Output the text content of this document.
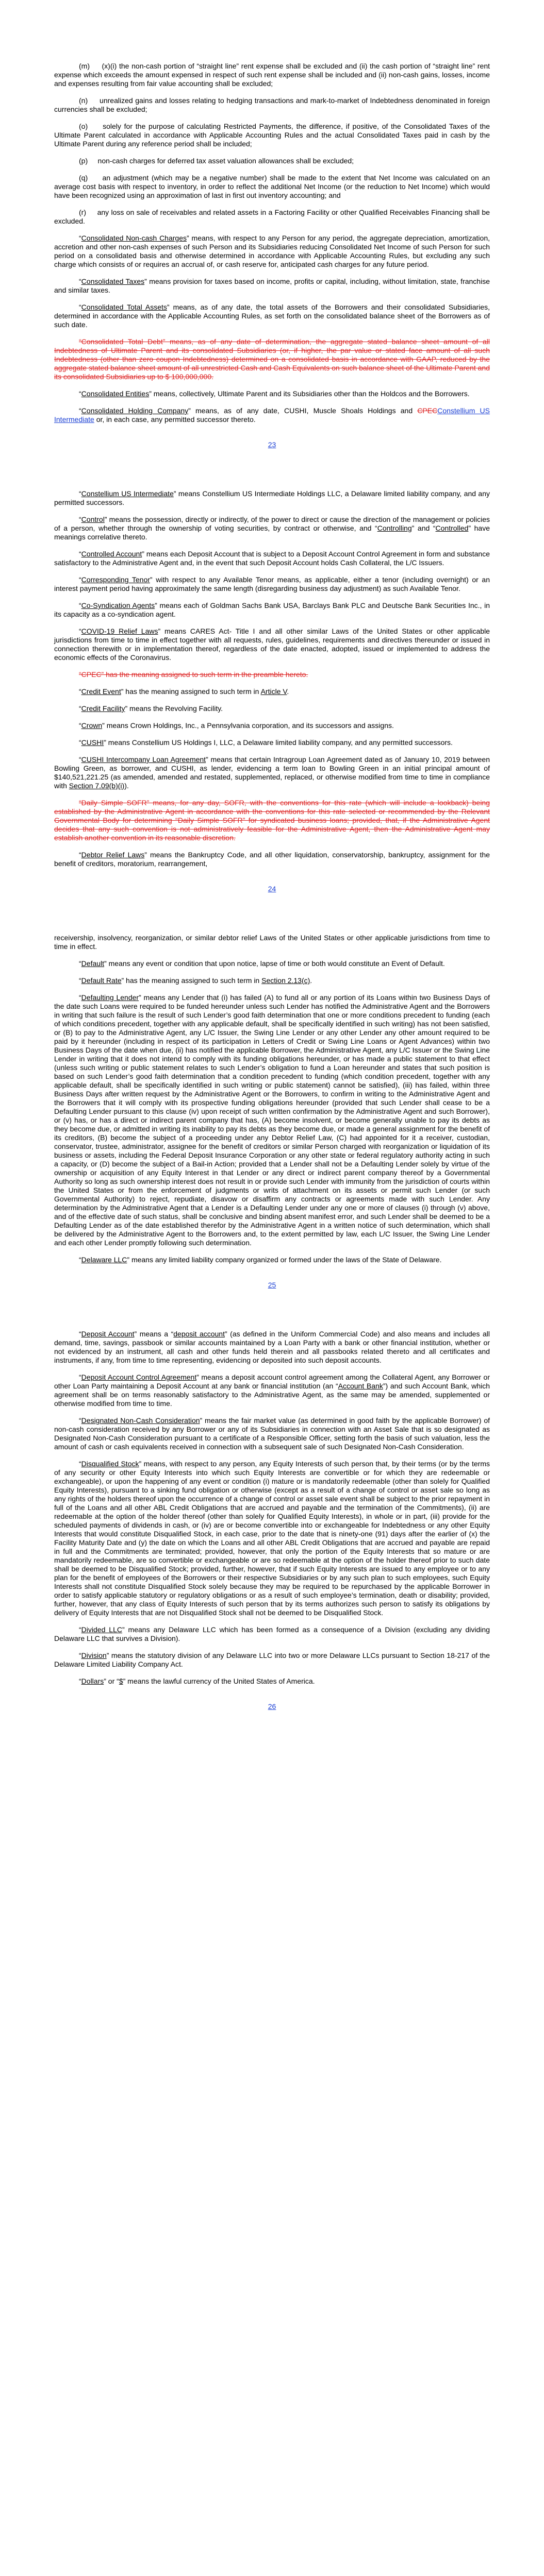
(m)     (x)(i) the non-cash portion of “straight line” rent expense shall be excluded and (ii) the cash portion of “straight line” rent expense which exceeds the amount expensed in respect of such rent expense shall be included and (ii) non-cash gains, losses, income and expenses resulting from fair value accounting shall be excluded;

(n)     unrealized gains and losses relating to hedging transactions and mark-to-market of Indebtedness denominated in foreign currencies shall be excluded;

(o)     solely for the purpose of calculating Restricted Payments, the difference, if positive, of the Consolidated Taxes of the Ultimate Parent calculated in accordance with Applicable Accounting Rules and the actual Consolidated Taxes paid in cash by the Ultimate Parent during any reference period shall be included;

(p)     non-cash charges for deferred tax asset valuation allowances shall be excluded;

(q)     an adjustment (which may be a negative number) shall be made to the extent that Net Income was calculated on an average cost basis with respect to inventory, in order to reflect the additional Net Income (or the reduction to Net Income) which would have been recognized using an approximation of last in first out inventory accounting; and

(r)     any loss on sale of receivables and related assets in a Factoring Facility or other Qualified Receivables Financing shall be excluded.

“Consolidated Non-cash Charges” means, with respect to any Person for any period, the aggregate depreciation, amortization, accretion and other non-cash expenses of such Person and its Subsidiaries reducing Consolidated Net Income of such Person for such period on a consolidated basis and otherwise determined in accordance with Applicable Accounting Rules, but excluding any such charge which consists of or requires an accrual of, or cash reserve for, anticipated cash charges for any future period.

“Consolidated Taxes” means provision for taxes based on income, profits or capital, including, without limitation, state, franchise and similar taxes.

“Consolidated Total Assets” means, as of any date, the total assets of the Borrowers and their consolidated Subsidiaries, determined in accordance with the Applicable Accounting Rules, as set forth on the consolidated balance sheet of the Borrowers as of such date.

“Consolidated Total Debt” means, as of any date of determination, the aggregate stated balance sheet amount of all Indebtedness of Ultimate Parent and its consolidated Subsidiaries (or, if higher, the par value or stated face amount of all such Indebtedness (other than zero coupon Indebtedness) determined on a consolidated basis in accordance with GAAP, reduced by the aggregate stated balance sheet amount of all unrestricted Cash and Cash Equivalents on such balance sheet of the Ultimate Parent and its consolidated Subsidiaries up to $ 100,000,000.

“Consolidated Entities” means, collectively, Ultimate Parent and its Subsidiaries other than the Holdcos and the Borrowers.

“Consolidated Holding Company” means, as of any date, CUSHI, Muscle Shoals Holdings and CPECConstellium US Intermediate or, in each case, any permitted successor thereto.

23

“Constellium US Intermediate” means Constellium US Intermediate Holdings LLC, a Delaware limited liability company, and any permitted successors.

“Control” means the possession, directly or indirectly, of the power to direct or cause the direction of the management or policies of a person, whether through the ownership of voting securities, by contract or otherwise, and “Controlling” and “Controlled” have meanings correlative thereto.

“Controlled Account” means each Deposit Account that is subject to a Deposit Account Control Agreement in form and substance satisfactory to the Administrative Agent and, in the event that such Deposit Account holds Cash Collateral, the L/C Issuers.

“Corresponding Tenor” with respect to any Available Tenor means, as applicable, either a tenor (including overnight) or an interest payment period having approximately the same length (disregarding business day adjustment) as such Available Tenor.

“Co-Syndication Agents” means each of Goldman Sachs Bank USA, Barclays Bank PLC and Deutsche Bank Securities Inc., in its capacity as a co-syndication agent.

“COVID-19 Relief Laws” means CARES Act- Title I and all other similar Laws of the United States or other applicable jurisdictions from time to time in effect together with all requests, rules, guidelines, requirements and directives thereunder or issued in connection therewith or in implementation thereof, regardless of the date enacted, adopted, issued or implemented to address the economic effects of the Coronavirus.

“CPEC” has the meaning assigned to such term in the preamble hereto.

“Credit Event” has the meaning assigned to such term in Article V.

“Credit Facility” means the Revolving Facility.

“Crown” means Crown Holdings, Inc., a Pennsylvania corporation, and its successors and assigns.

“CUSHI” means Constellium US Holdings I, LLC, a Delaware limited liability company, and any permitted successors.

“CUSHI Intercompany Loan Agreement” means that certain Intragroup Loan Agreement dated as of January 10, 2019 between Bowling Green, as borrower, and CUSHI, as lender, evidencing a term loan to Bowling Green in an initial principal amount of $140,521,221.25 (as amended, amended and restated, supplemented, replaced, or otherwise modified from time to time in compliance with Section 7.09(b)(i)).

“Daily Simple SOFR” means, for any day, SOFR, with the conventions for this rate (which will include a lookback) being established by the Administrative Agent in accordance with the conventions for this rate selected or recommended by the Relevant Governmental Body for determining “Daily Simple SOFR” for syndicated business loans; provided, that, if the Administrative Agent decides that any such convention is not administratively feasible for the Administrative Agent, then the Administrative Agent may establish another convention in its reasonable discretion.

“Debtor Relief Laws” means the Bankruptcy Code, and all other liquidation, conservatorship, bankruptcy, assignment for the benefit of creditors, moratorium, rearrangement,

24

receivership, insolvency, reorganization, or similar debtor relief Laws of the United States or other applicable jurisdictions from time to time in effect.

“Default” means any event or condition that upon notice, lapse of time or both would constitute an Event of Default.

“Default Rate” has the meaning assigned to such term in Section 2.13(c).

“Defaulting Lender” means any Lender that (i) has failed (A) to fund all or any portion of its Loans within two Business Days of the date such Loans were required to be funded hereunder unless such Lender has notified the Administrative Agent and the Borrowers in writing that such failure is the result of such Lender’s good faith determination that one or more conditions precedent to funding (each of which conditions precedent, together with any applicable default, shall be specifically identified in such writing) has not been satisfied, or (B) to pay to the Administrative Agent, any L/C Issuer, the Swing Line Lender or any other Lender any other amount required to be paid by it hereunder (including in respect of its participation in Letters of Credit or Swing Line Loans or Agent Advances) within two Business Days of the date when due, (ii) has notified the applicable Borrower, the Administrative Agent, any L/C Issuer or the Swing Line Lender in writing that it does not intend to comply with its funding obligations hereunder, or has made a public statement to that effect (unless such writing or public statement relates to such Lender’s obligation to fund a Loan hereunder and states that such position is based on such Lender’s good faith determination that a condition precedent to funding (which condition precedent, together with any applicable default, shall be specifically identified in such writing or public statement) cannot be satisfied), (iii) has failed, within three Business Days after written request by the Administrative Agent or the Borrowers, to confirm in writing to the Administrative Agent and the Borrowers that it will comply with its prospective funding obligations hereunder (provided that such Lender shall cease to be a Defaulting Lender pursuant to this clause (iv) upon receipt of such written confirmation by the Administrative Agent and such Borrower), or (v) has, or has a direct or indirect parent company that has, (A) become insolvent, or become generally unable to pay its debts as they become due, or admitted in writing its inability to pay its debts as they become due, or made a general assignment for the benefit of its creditors, (B) become the subject of a proceeding under any Debtor Relief Law, (C) had appointed for it a receiver, custodian, conservator, trustee, administrator, assignee for the benefit of creditors or similar Person charged with reorganization or liquidation of its business or assets, including the Federal Deposit Insurance Corporation or any other state or federal regulatory authority acting in such a capacity, or (D) become the subject of a Bail-in Action; provided that a Lender shall not be a Defaulting Lender solely by virtue of the ownership or acquisition of any Equity Interest in that Lender or any direct or indirect parent company thereof by a Governmental Authority so long as such ownership interest does not result in or provide such Lender with immunity from the jurisdiction of courts within the United States or from the enforcement of judgments or writs of attachment on its assets or permit such Lender (or such Governmental Authority) to reject, repudiate, disavow or disaffirm any contracts or agreements made with such Lender. Any determination by the Administrative Agent that a Lender is a Defaulting Lender under any one or more of clauses (i) through (v) above, and of the effective date of such status, shall be conclusive and binding absent manifest error, and such Lender shall be deemed to be a Defaulting Lender as of the date established therefor by the Administrative Agent in a written notice of such determination, which shall be delivered by the Administrative Agent to the Borrowers and, to the extent permitted by law, each L/C Issuer, the Swing Line Lender and each other Lender promptly following such determination.

“Delaware LLC” means any limited liability company organized or formed under the laws of the State of Delaware.

25

“Deposit Account” means a “deposit account” (as defined in the Uniform Commercial Code) and also means and includes all demand, time, savings, passbook or similar accounts maintained by a Loan Party with a bank or other financial institution, whether or not evidenced by an instrument, all cash and other funds held therein and all passbooks related thereto and all certificates and instruments, if any, from time to time representing, evidencing or deposited into such deposit accounts.

“Deposit Account Control Agreement” means a deposit account control agreement among the Collateral Agent, any Borrower or other Loan Party maintaining a Deposit Account at any bank or financial institution (an “Account Bank”) and such Account Bank, which agreement shall be on terms reasonably satisfactory to the Administrative Agent, as the same may be amended, supplemented or otherwise modified from time to time.

“Designated Non-Cash Consideration” means the fair market value (as determined in good faith by the applicable Borrower) of non-cash consideration received by any Borrower or any of its Subsidiaries in connection with an Asset Sale that is so designated as Designated Non-Cash Consideration pursuant to a certificate of a Responsible Officer, setting forth the basis of such valuation, less the amount of cash or cash equivalents received in connection with a subsequent sale of such Designated Non-Cash Consideration.

“Disqualified Stock” means, with respect to any person, any Equity Interests of such person that, by their terms (or by the terms of any security or other Equity Interests into which such Equity Interests are convertible or for which they are redeemable or exchangeable), or upon the happening of any event or condition (i) mature or is mandatorily redeemable (other than solely for Qualified Equity Interests), pursuant to a sinking fund obligation or otherwise (except as a result of a change of control or asset sale so long as any rights of the holders thereof upon the occurrence of a change of control or asset sale event shall be subject to the prior repayment in full of the Loans and all other ABL Credit Obligations that are accrued and payable and the termination of the Commitments), (ii) are redeemable at the option of the holder thereof (other than solely for Qualified Equity Interests), in whole or in part, (iii) provide for the scheduled payments of dividends in cash, or (iv) are or become convertible into or exchangeable for Indebtedness or any other Equity Interests that would constitute Disqualified Stock, in each case, prior to the date that is ninety-one (91) days after the earlier of (x) the Facility Maturity Date and (y) the date on which the Loans and all other ABL Credit Obligations that are accrued and payable are repaid in full and the Commitments are terminated; provided, however, that only the portion of the Equity Interests that so mature or are mandatorily redeemable, are so convertible or exchangeable or are so redeemable at the option of the holder thereof prior to such date shall be deemed to be Disqualified Stock; provided, further, however, that if such Equity Interests are issued to any employee or to any plan for the benefit of employees of the Borrowers or their respective Subsidiaries or by any such plan to such employees, such Equity Interests shall not constitute Disqualified Stock solely because they may be required to be repurchased by the applicable Borrower in order to satisfy applicable statutory or regulatory obligations or as a result of such employee’s termination, death or disability; provided, further, however, that any class of Equity Interests of such person that by its terms authorizes such person to satisfy its obligations by delivery of Equity Interests that are not Disqualified Stock shall not be deemed to be Disqualified Stock.

“Divided LLC” means any Delaware LLC which has been formed as a consequence of a Division (excluding any dividing Delaware LLC that survives a Division).

“Division” means the statutory division of any Delaware LLC into two or more Delaware LLCs pursuant to Section 18-217 of the Delaware Limited Liability Company Act.

“Dollars” or “$” means the lawful currency of the United States of America.

26
